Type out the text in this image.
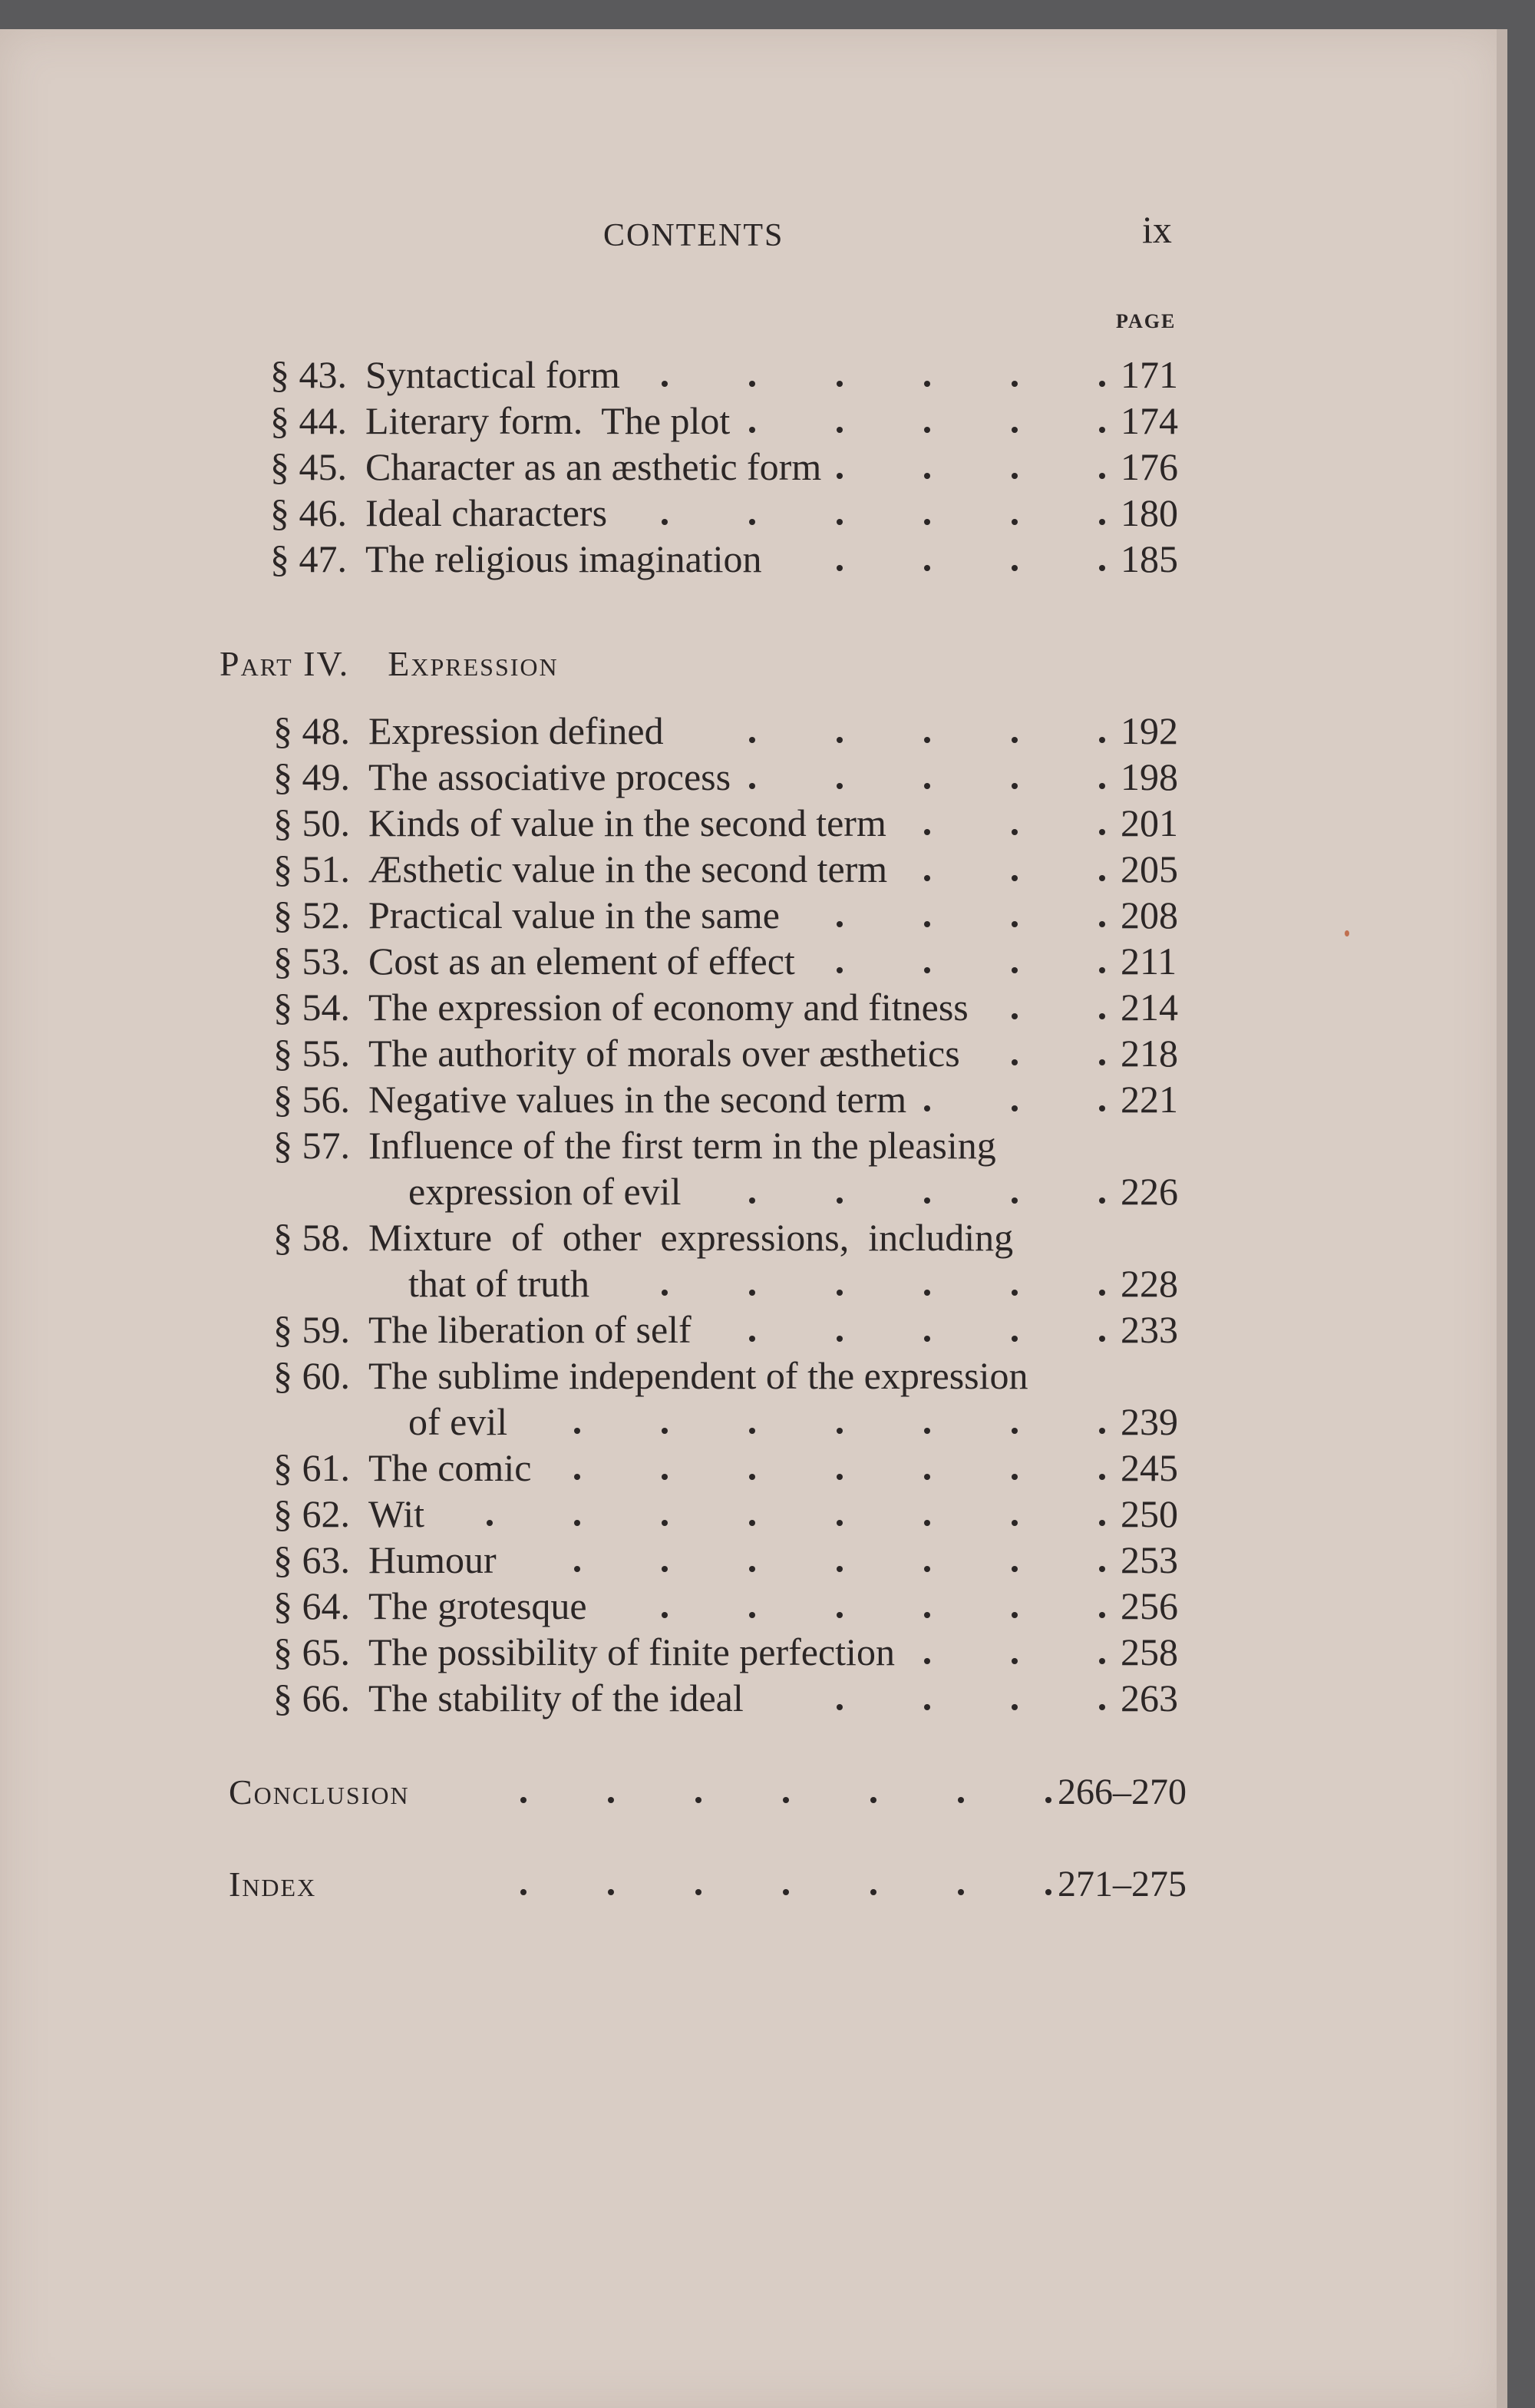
CONTENTS	ix
PAGE
§ 43. Syntactical form	171
§ 44. Literary form.  The plot	174
§ 45. Character as an æsthetic form	176
§ 46. Ideal characters	180
§ 47. The religious imagination	185
Part IV. Expression
§ 48. Expression defined	192
§ 49. The associative process	198
§ 50. Kinds of value in the second term	201
§ 51. Æsthetic value in the second term	205
§ 52. Practical value in the same	208
§ 53. Cost as an element of effect	211
§ 54. The expression of economy and fitness	214
§ 55. The authority of morals over æsthetics	218
§ 56. Negative values in the second term	221
§ 57. Influence of the first term in the pleasing
expression of evil	226
§ 58. Mixture  of  other  expressions,  including
that of truth	228
§ 59. The liberation of self	233
§ 60. The sublime independent of the expression
of evil	239
§ 61. The comic	245
§ 62. Wit	250
§ 63. Humour	253
§ 64. The grotesque	256
§ 65. The possibility of finite perfection	258
§ 66. The stability of the ideal	263
Conclusion	266–270
Index	271–275
